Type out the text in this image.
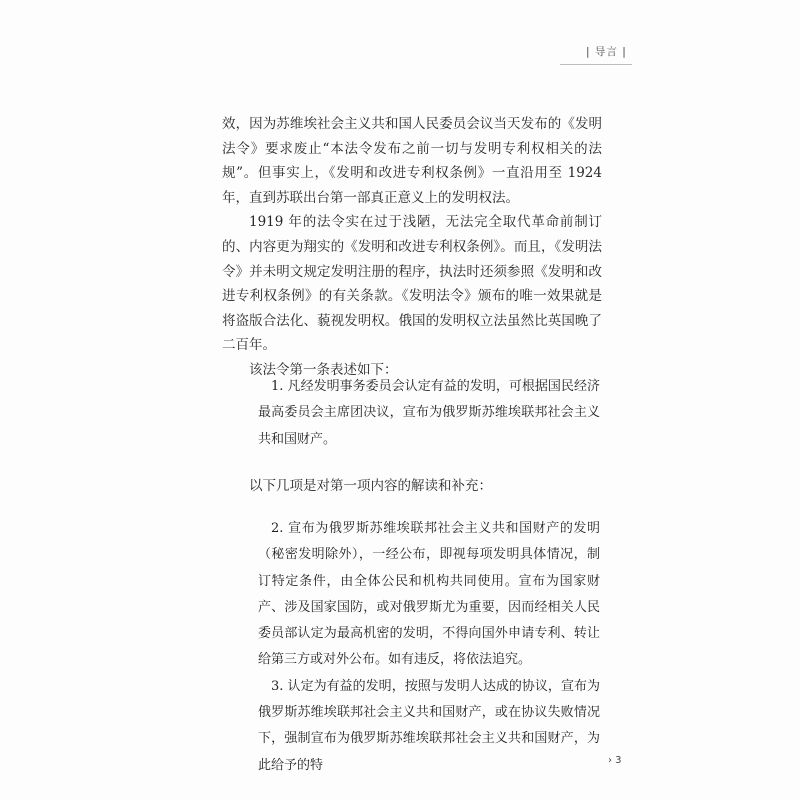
| 导言 |

效，因为苏维埃社会主义共和国人民委员会议当天发布的《发明法令》要求废止“本法令发布之前一切与发明专利权相关的法规”。但事实上，《发明和改进专利权条例》一直沿用至 1924 年，直到苏联出台第一部真正意义上的发明权法。

1919 年的法令实在过于浅陋，无法完全取代革命前制订的、内容更为翔实的《发明和改进专利权条例》。而且，《发明法令》并未明文规定发明注册的程序，执法时还须参照《发明和改进专利权条例》的有关条款。《发明法令》颁布的唯一效果就是将盗版合法化、藐视发明权。俄国的发明权立法虽然比英国晚了二百年。

该法令第一条表述如下：

1. 凡经发明事务委员会认定有益的发明，可根据国民经济最高委员会主席团决议，宣布为俄罗斯苏维埃联邦社会主义共和国财产。

以下几项是对第一项内容的解读和补充：

2. 宣布为俄罗斯苏维埃联邦社会主义共和国财产的发明（秘密发明除外），一经公布，即视每项发明具体情况，制订特定条件，由全体公民和机构共同使用。宣布为国家财产、涉及国家国防，或对俄罗斯尤为重要，因而经相关人民委员部认定为最高机密的发明，不得向国外申请专利、转让给第三方或对外公布。如有违反，将依法追究。

3. 认定为有益的发明，按照与发明人达成的协议，宣布为俄罗斯苏维埃联邦社会主义共和国财产，或在协议失败情况下，强制宣布为俄罗斯苏维埃联邦社会主义共和国财产，为此给予的特	› 3
